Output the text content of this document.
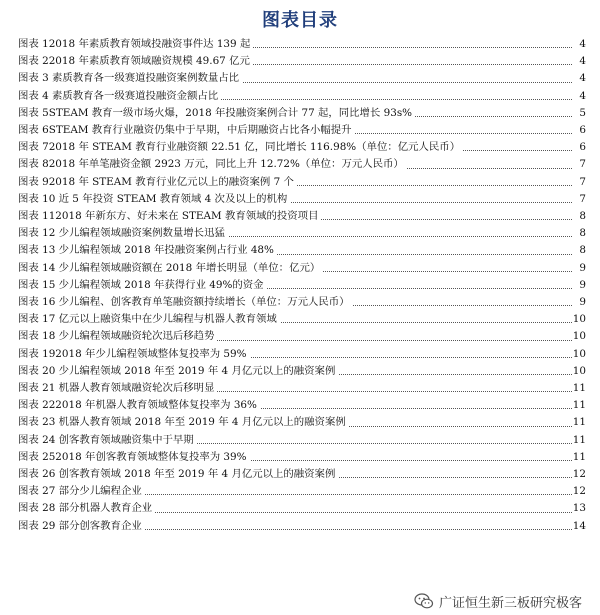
图表目录
图表 12018 年素质教育领域投融资事件达 139 起	4
图表 22018 年素质教育领域融资规模 49.67 亿元	4
图表 3 素质教育各一级赛道投融资案例数量占比	4
图表 4 素质教育各一级赛道投融资金额占比	4
图表 5STEAM 教育一级市场火爆，2018 年投融资案例合计 77 起，同比增长 93s%	5
图表 6STEAM 教育行业融资仍集中于早期，中后期融资占比各小幅提升	6
图表 72018 年 STEAM 教育行业融资额 22.51 亿，同比增长 116.98%（单位：亿元人民币）	6
图表 82018 年单笔融资金额 2923 万元，同比上升 12.72%（单位：万元人民币）	7
图表 92018 年 STEAM 教育行业亿元以上的融资案例 7 个	7
图表 10 近 5 年投资 STEAM 教育领域 4 次及以上的机构	7
图表 112018 年新东方、好未来在 STEAM 教育领域的投资项目	8
图表 12 少儿编程领域融资案例数量增长迅猛	8
图表 13 少儿编程领域 2018 年投融资案例占行业 48%	8
图表 14 少儿编程领域融资额在 2018 年增长明显（单位：亿元）	9
图表 15 少儿编程领域 2018 年获得行业 49%的资金	9
图表 16 少儿编程、创客教育单笔融资额持续增长（单位：万元人民币）	9
图表 17 亿元以上融资集中在少儿编程与机器人教育领域	10
图表 18 少儿编程领域融资轮次迅后移趋势	10
图表 192018 年少儿编程领域整体复投率为 59%	10
图表 20 少儿编程领域 2018 年至 2019 年 4 月亿元以上的融资案例	10
图表 21 机器人教育领域融资轮次后移明显	11
图表 222018 年机器人教育领域整体复投率为 36%	11
图表 23 机器人教育领域 2018 年至 2019 年 4 月亿元以上的融资案例	11
图表 24 创客教育领域融资集中于早期	11
图表 252018 年创客教育领域整体复投率为 39%	11
图表 26 创客教育领域 2018 年至 2019 年 4 月亿元以上的融资案例	12
图表 27 部分少儿编程企业	12
图表 28 部分机器人教育企业	13
图表 29 部分创客教育企业	14
广证恒生新三板研究极客
